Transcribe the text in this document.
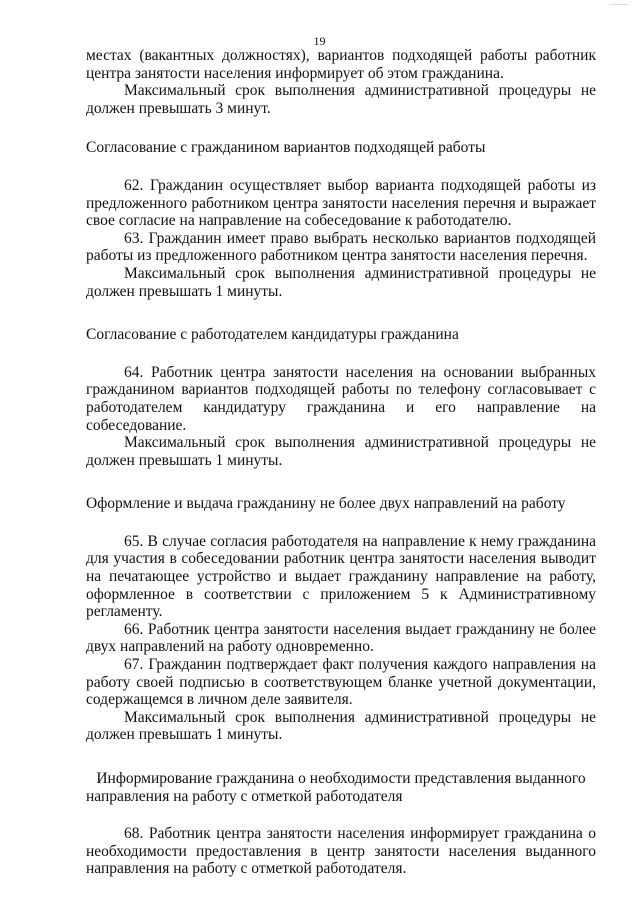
19

местах (вакантных должностях), вариантов подходящей работы работник центра занятости населения информирует об этом гражданина.

Максимальный срок выполнения административной процедуры не должен превышать 3 минут.

Согласование с гражданином вариантов подходящей работы

62. Гражданин осуществляет выбор варианта подходящей работы из предложенного работником центра занятости населения перечня и выражает свое согласие на направление на собеседование к работодателю.

63. Гражданин имеет право выбрать несколько вариантов подходящей работы из предложенного работником центра занятости населения перечня.

Максимальный срок выполнения административной процедуры не должен превышать 1 минуты.

Согласование с работодателем кандидатуры гражданина

64. Работник центра занятости населения на основании выбранных гражданином вариантов подходящей работы по телефону согласовывает с работодателем кандидатуру гражданина и его направление на собеседование.

Максимальный срок выполнения административной процедуры не должен превышать 1 минуты.

Оформление и выдача гражданину не более двух направлений на работу

65. В случае согласия работодателя на направление к нему гражданина для участия в собеседовании работник центра занятости населения выводит на печатающее устройство и выдает гражданину направление на работу, оформленное в соответствии с приложением 5 к Административному регламенту.

66. Работник центра занятости населения выдает гражданину не более двух направлений на работу одновременно.

67. Гражданин подтверждает факт получения каждого направления на работу своей подписью в соответствующем бланке учетной документации, содержащемся в личном деле заявителя.

Максимальный срок выполнения административной процедуры не должен превышать 1 минуты.

Информирование гражданина о необходимости представления выданного направления на работу с отметкой работодателя

68. Работник центра занятости населения информирует гражданина о необходимости предоставления в центр занятости населения выданного направления на работу с отметкой работодателя.
